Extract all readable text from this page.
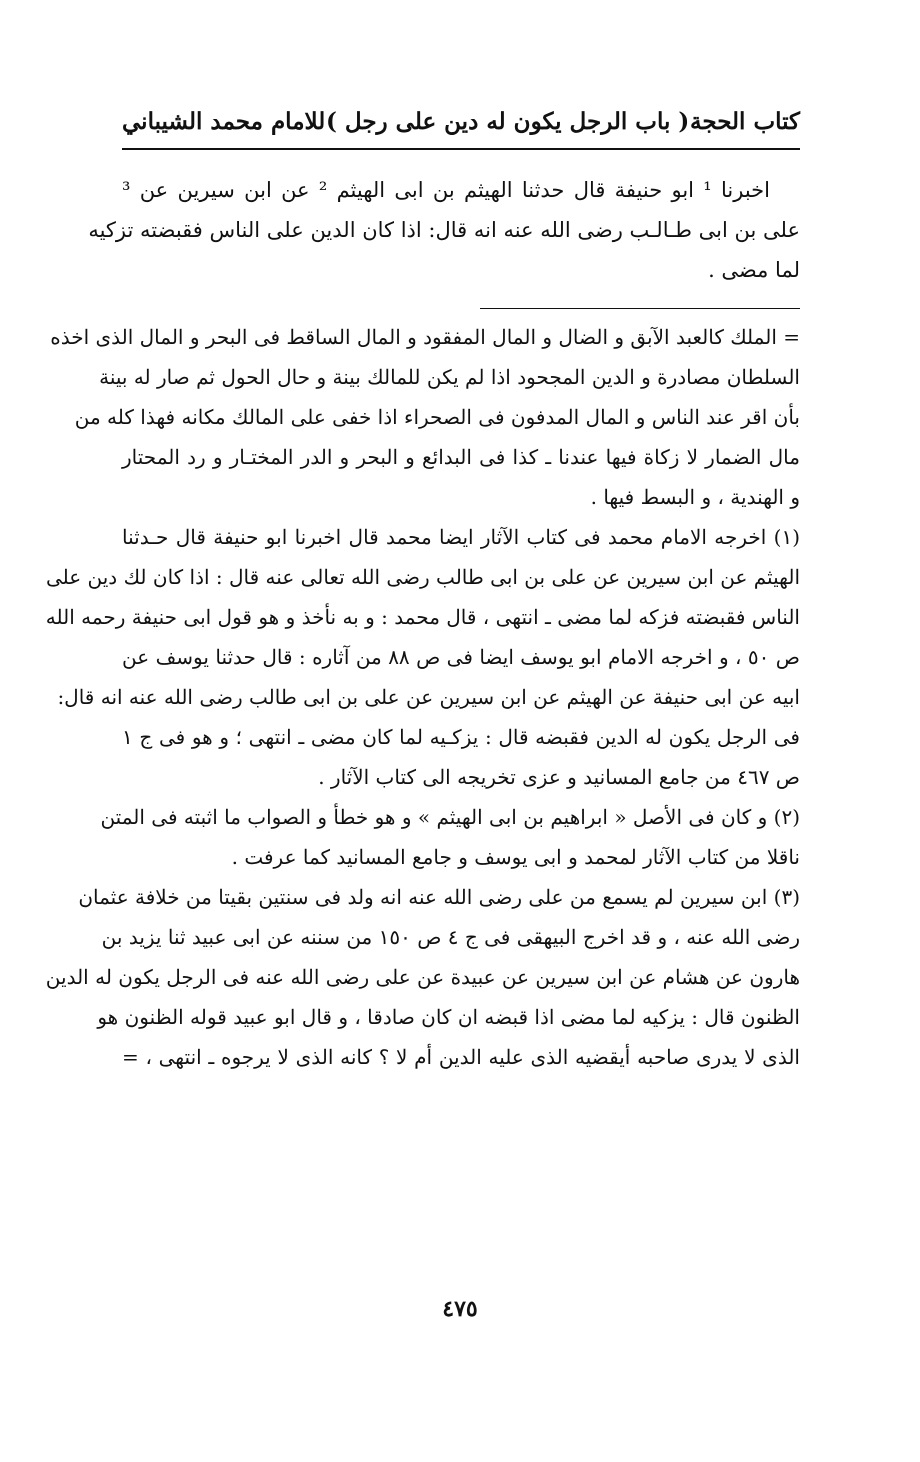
كتاب الحجة
( باب الرجل يكون له دين على رجل )
للامام محمد الشيباني
اخبرنا ¹ ابو حنيفة قال حدثنا الهيثم بن ابى الهيثم ² عن ابن سيرين عن ³
على بن ابى طـالـب رضى الله عنه انه قال: اذا كان الدين على الناس فقبضته تزكيه
لما مضى .
= الملك كالعبد الآبق و الضال و المال المفقود و المال الساقط فى البحر و المال الذى اخذه
السلطان مصادرة و الدين المجحود اذا لم يكن للمالك بينة و حال الحول ثم صار له بينة
بأن اقر عند الناس و المال المدفون فى الصحراء اذا خفى على المالك مكانه فهذا كله من
مال الضمار لا زكاة فيها عندنا ـ كذا فى البدائع و البحر و الدر المختـار و رد المحتار
و الهندية ، و البسط فيها .
(١) اخرجه الامام محمد فى كتاب الآثار ايضا محمد قال اخبرنا ابو حنيفة قال حـدثنا
الهيثم عن ابن سيرين عن على بن ابى طالب رضى الله تعالى عنه قال : اذا كان لك دين على
الناس فقبضته فزكه لما مضى ـ انتهى ، قال محمد : و به نأخذ و هو قول ابى حنيفة رحمه الله
ص ٥٠ ، و اخرجه الامام ابو يوسف ايضا فى ص ٨٨ من آثاره : قال حدثنا يوسف عن
ابيه عن ابى حنيفة عن الهيثم عن ابن سيرين عن على بن ابى طالب رضى الله عنه انه قال:
فى الرجل يكون له الدين فقبضه قال : يزكـيه لما كان مضى ـ انتهى ؛ و هو فى ج ١
ص ٤٦٧ من جامع المسانيد و عزى تخريجه الى كتاب الآثار .
(٢) و كان فى الأصل « ابراهيم بن ابى الهيثم » و هو خطأ و الصواب ما اثبته فى المتن
ناقلا من كتاب الآثار لمحمد و ابى يوسف و جامع المسانيد كما عرفت .
(٣) ابن سيرين لم يسمع من على رضى الله عنه انه ولد فى سنتين بقيتا من خلافة عثمان
رضى الله عنه ، و قد اخرج البيهقى فى ج ٤ ص ١٥٠ من سننه عن ابى عبيد ثنا يزيد بن
هارون عن هشام عن ابن سيرين عن عبيدة عن على رضى الله عنه فى الرجل يكون له الدين
الظنون قال : يزكيه لما مضى اذا قبضه ان كان صادقا ، و قال ابو عبيد قوله الظنون هو
الذى لا يدرى صاحبه أيقضيه الذى عليه الدين أم لا ؟ كانه الذى لا يرجوه ـ انتهى ، =
٤٧٥
